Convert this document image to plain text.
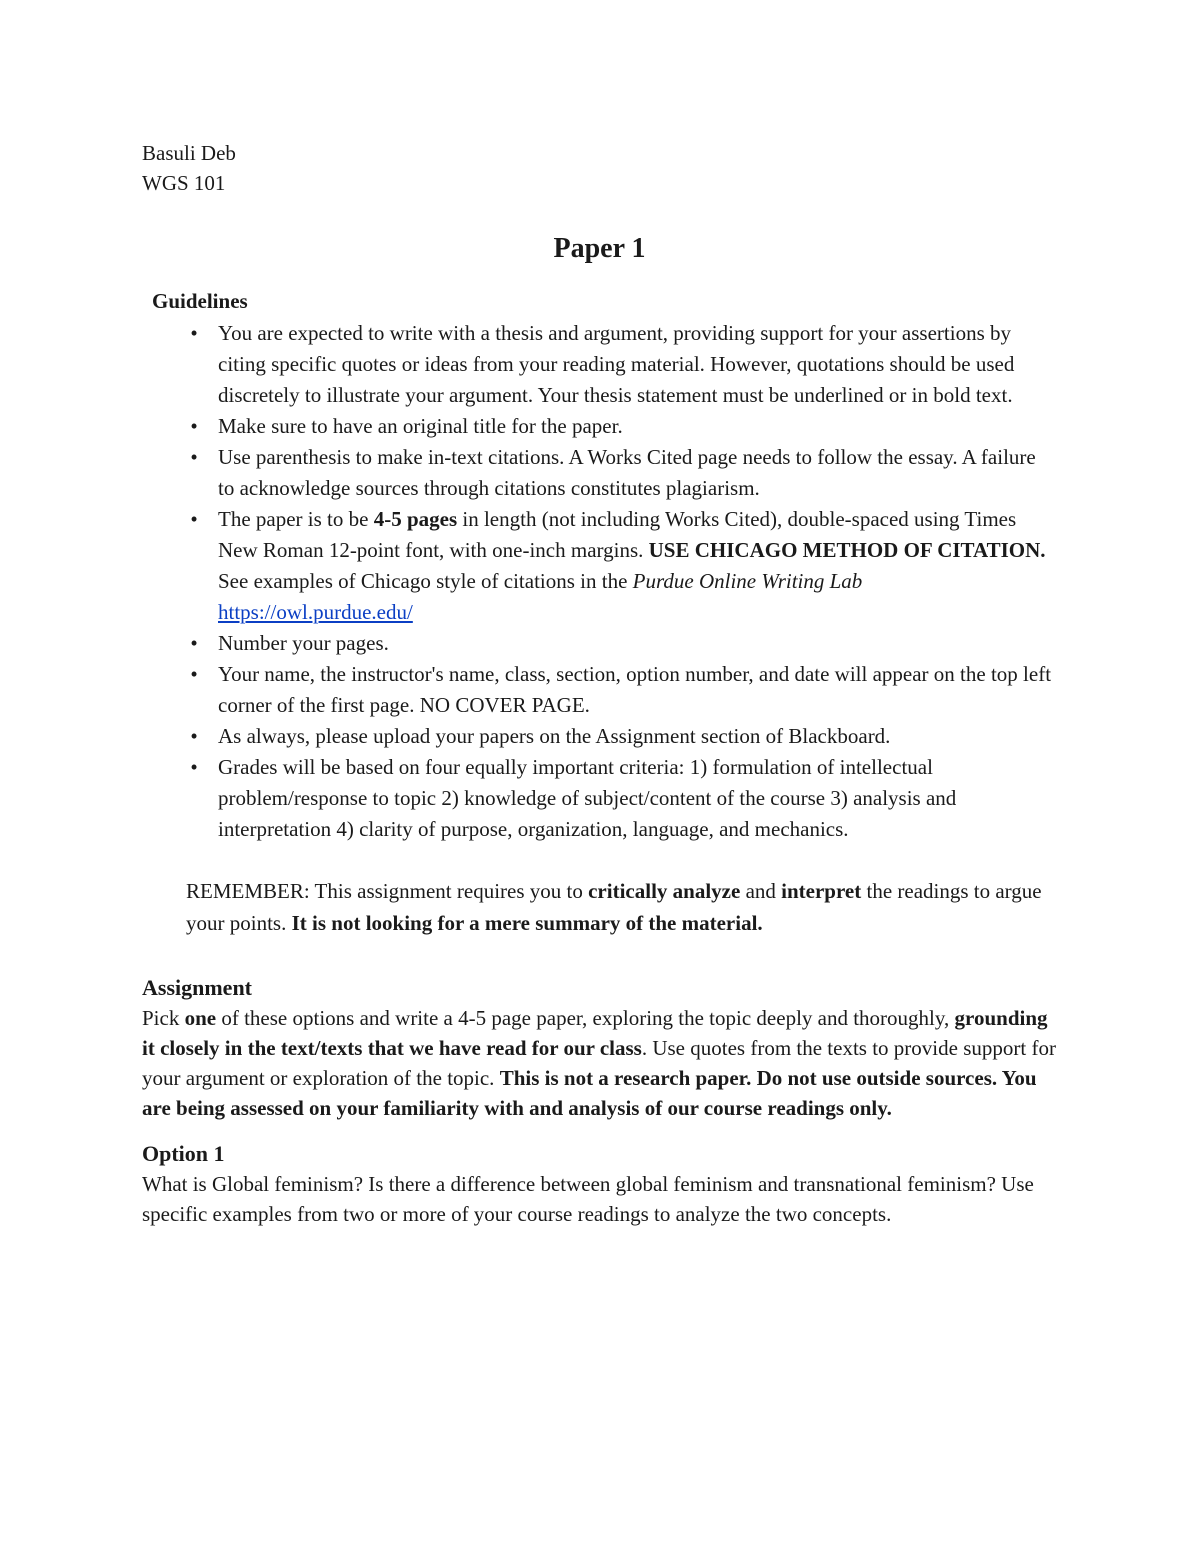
Basuli Deb

WGS 101

Paper 1

Guidelines

• You are expected to write with a thesis and argument, providing support for your assertions by citing specific quotes or ideas from your reading material. However, quotations should be used discretely to illustrate your argument. Your thesis statement must be underlined or in bold text.
• Make sure to have an original title for the paper.
• Use parenthesis to make in-text citations. A Works Cited page needs to follow the essay. A failure to acknowledge sources through citations constitutes plagiarism.
• The paper is to be 4-5 pages in length (not including Works Cited), double-spaced using Times New Roman 12-point font, with one-inch margins. USE CHICAGO METHOD OF CITATION. See examples of Chicago style of citations in the Purdue Online Writing Lab https://owl.purdue.edu/
• Number your pages.
• Your name, the instructor's name, class, section, option number, and date will appear on the top left corner of the first page. NO COVER PAGE.
• As always, please upload your papers on the Assignment section of Blackboard.
• Grades will be based on four equally important criteria: 1) formulation of intellectual problem/response to topic 2) knowledge of subject/content of the course 3) analysis and interpretation 4) clarity of purpose, organization, language, and mechanics.

REMEMBER: This assignment requires you to critically analyze and interpret the readings to argue your points. It is not looking for a mere summary of the material.

Assignment

Pick one of these options and write a 4-5 page paper, exploring the topic deeply and thoroughly, grounding it closely in the text/texts that we have read for our class. Use quotes from the texts to provide support for your argument or exploration of the topic. This is not a research paper. Do not use outside sources. You are being assessed on your familiarity with and analysis of our course readings only.

Option 1

What is Global feminism? Is there a difference between global feminism and transnational feminism? Use specific examples from two or more of your course readings to analyze the two concepts.
